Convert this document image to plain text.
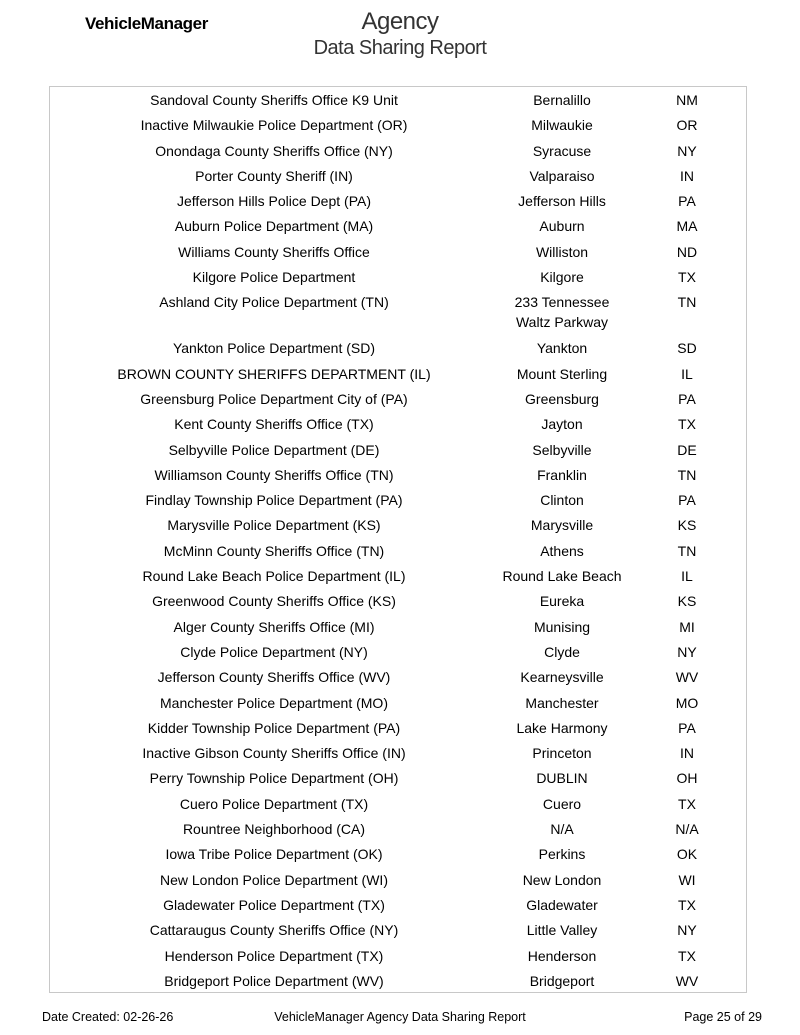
VehicleManager	Agency
Data Sharing Report
Sandoval County Sheriffs Office K9 Unit	Bernalillo	NM
Inactive Milwaukie Police Department (OR)	Milwaukie	OR
Onondaga County Sheriffs Office (NY)	Syracuse	NY
Porter County Sheriff (IN)	Valparaiso	IN
Jefferson Hills Police Dept (PA)	Jefferson Hills	PA
Auburn Police Department (MA)	Auburn	MA
Williams County Sheriffs Office	Williston	ND
Kilgore Police Department	Kilgore	TX
Ashland City Police Department (TN)	233 Tennessee Waltz Parkway	TN
Yankton Police Department (SD)	Yankton	SD
BROWN COUNTY SHERIFFS DEPARTMENT (IL)	Mount Sterling	IL
Greensburg Police Department City of (PA)	Greensburg	PA
Kent County Sheriffs Office (TX)	Jayton	TX
Selbyville Police Department (DE)	Selbyville	DE
Williamson County Sheriffs Office (TN)	Franklin	TN
Findlay Township Police Department (PA)	Clinton	PA
Marysville Police Department (KS)	Marysville	KS
McMinn County Sheriffs Office (TN)	Athens	TN
Round Lake Beach Police Department (IL)	Round Lake Beach	IL
Greenwood County Sheriffs Office (KS)	Eureka	KS
Alger County Sheriffs Office (MI)	Munising	MI
Clyde Police Department (NY)	Clyde	NY
Jefferson County Sheriffs Office (WV)	Kearneysville	WV
Manchester Police Department (MO)	Manchester	MO
Kidder Township Police Department (PA)	Lake Harmony	PA
Inactive Gibson County Sheriffs Office (IN)	Princeton	IN
Perry Township Police Department (OH)	DUBLIN	OH
Cuero Police Department (TX)	Cuero	TX
Rountree Neighborhood (CA)	N/A	N/A
Iowa Tribe Police Department (OK)	Perkins	OK
New London Police Department (WI)	New London	WI
Gladewater Police Department (TX)	Gladewater	TX
Cattaraugus County Sheriffs Office (NY)	Little Valley	NY
Henderson Police Department (TX)	Henderson	TX
Bridgeport Police Department (WV)	Bridgeport	WV
Date Created: 02-26-26	VehicleManager Agency Data Sharing Report	Page 25 of 29
